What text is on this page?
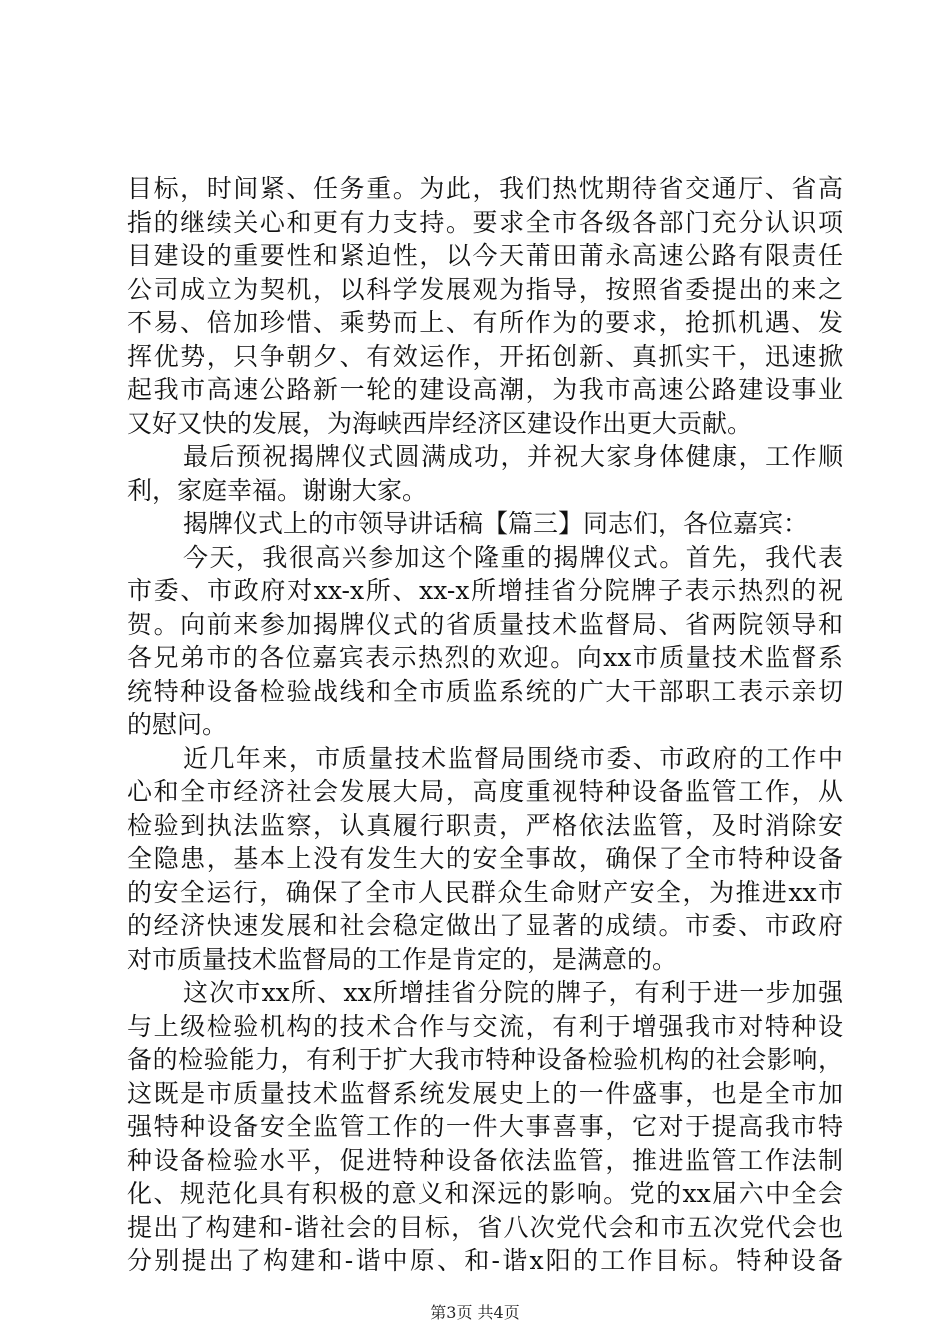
目标，时间紧、任务重。为此，我们热忱期待省交通厅、省高
指的继续关心和更有力支持。要求全市各级各部门充分认识项
目建设的重要性和紧迫性，以今天莆田莆永高速公路有限责任
公司成立为契机，以科学发展观为指导，按照省委提出的来之
不易、倍加珍惜、乘势而上、有所作为的要求，抢抓机遇、发
挥优势，只争朝夕、有效运作，开拓创新、真抓实干，迅速掀
起我市高速公路新一轮的建设高潮，为我市高速公路建设事业
又好又快的发展，为海峡西岸经济区建设作出更大贡献。
最后预祝揭牌仪式圆满成功，并祝大家身体健康，工作顺
利，家庭幸福。谢谢大家。
揭牌仪式上的市领导讲话稿【篇三】同志们，各位嘉宾：
今天，我很高兴参加这个隆重的揭牌仪式。首先，我代表
市委、市政府对xx-x所、xx-x所增挂省分院牌子表示热烈的祝
贺。向前来参加揭牌仪式的省质量技术监督局、省两院领导和
各兄弟市的各位嘉宾表示热烈的欢迎。向xx市质量技术监督系
统特种设备检验战线和全市质监系统的广大干部职工表示亲切
的慰问。
近几年来，市质量技术监督局围绕市委、市政府的工作中
心和全市经济社会发展大局，高度重视特种设备监管工作，从
检验到执法监察，认真履行职责，严格依法监管，及时消除安
全隐患，基本上没有发生大的安全事故，确保了全市特种设备
的安全运行，确保了全市人民群众生命财产安全，为推进xx市
的经济快速发展和社会稳定做出了显著的成绩。市委、市政府
对市质量技术监督局的工作是肯定的，是满意的。
这次市xx所、xx所增挂省分院的牌子，有利于进一步加强
与上级检验机构的技术合作与交流，有利于增强我市对特种设
备的检验能力，有利于扩大我市特种设备检验机构的社会影响，
这既是市质量技术监督系统发展史上的一件盛事，也是全市加
强特种设备安全监管工作的一件大事喜事，它对于提高我市特
种设备检验水平，促进特种设备依法监管，推进监管工作法制
化、规范化具有积极的意义和深远的影响。党的xx届六中全会
提出了构建和-谐社会的目标，省八次党代会和市五次党代会也
分别提出了构建和-谐中原、和-谐x阳的工作目标。特种设备
第3页 共4页
